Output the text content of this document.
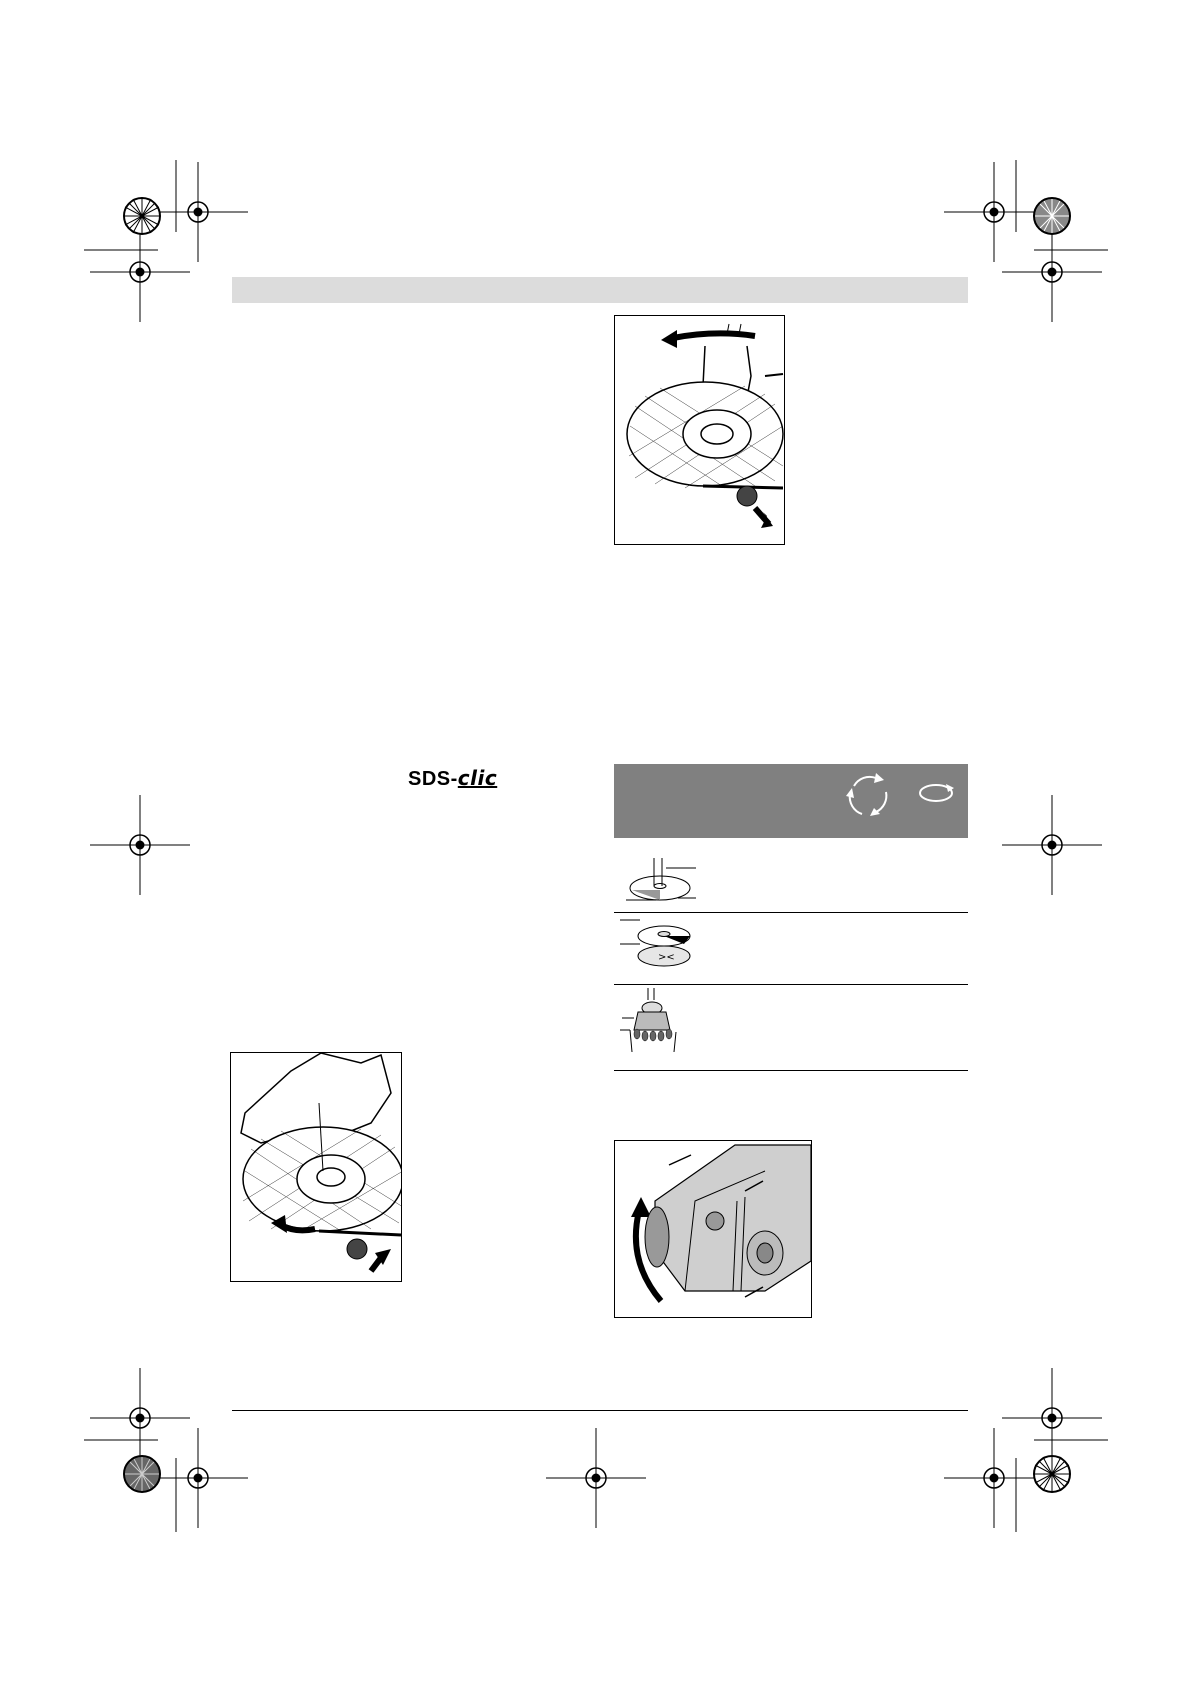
SDS-clic
><
